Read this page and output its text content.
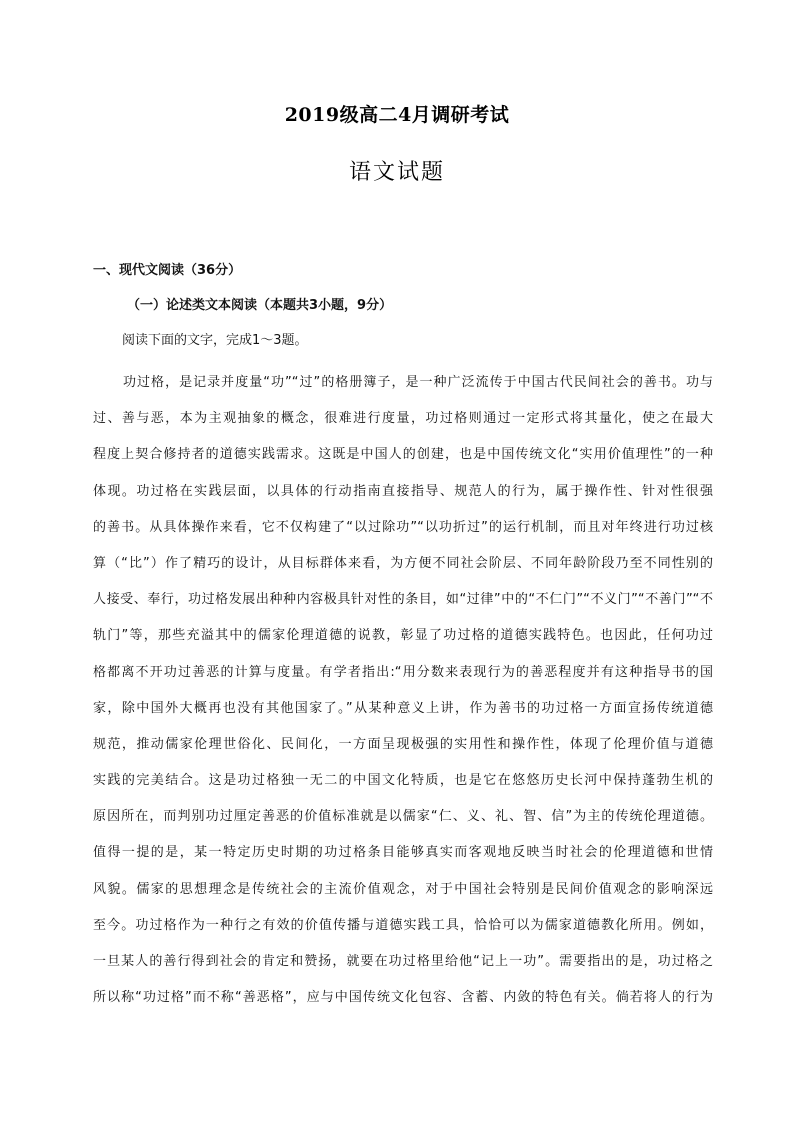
2019级高二4月调研考试
语文试题
一、现代文阅读（36分）
（一）论述类文本阅读（本题共3小题，9分）
阅读下面的文字，完成1～3题。
功过格，是记录并度量“功”“过”的格册簿子，是一种广泛流传于中国古代民间社会的善书。功与
过、善与恶，本为主观抽象的概念，很难进行度量，功过格则通过一定形式将其量化，使之在最大
程度上契合修持者的道德实践需求。这既是中国人的创建，也是中国传统文化“实用价值理性”的一种
体现。功过格在实践层面，以具体的行动指南直接指导、规范人的行为，属于操作性、针对性很强
的善书。从具体操作来看，它不仅构建了“以过除功”“以功折过”的运行机制，而且对年终进行功过核
算（“比”）作了精巧的设计，从目标群体来看，为方便不同社会阶层、不同年龄阶段乃至不同性别的
人接受、奉行，功过格发展出种种内容极具针对性的条目，如“过律”中的“不仁门”“不义门”“不善门”“不
轨门”等，那些充溢其中的儒家伦理道德的说教，彰显了功过格的道德实践特色。也因此，任何功过
格都离不开功过善恶的计算与度量。有学者指出:“用分数来表现行为的善恶程度并有这种指导书的国
家，除中国外大概再也没有其他国家了。”从某种意义上讲，作为善书的功过格一方面宣扬传统道德
规范，推动儒家伦理世俗化、民间化，一方面呈现极强的实用性和操作性，体现了伦理价值与道德
实践的完美结合。这是功过格独一无二的中国文化特质，也是它在悠悠历史长河中保持蓬勃生机的
原因所在，而判别功过厘定善恶的价值标准就是以儒家“仁、义、礼、智、信”为主的传统伦理道德。
值得一提的是，某一特定历史时期的功过格条目能够真实而客观地反映当时社会的伦理道德和世情
风貌。儒家的思想理念是传统社会的主流价值观念，对于中国社会特别是民间价值观念的影响深远
至今。功过格作为一种行之有效的价值传播与道德实践工具，恰恰可以为儒家道德教化所用。例如，
一旦某人的善行得到社会的肯定和赞扬，就要在功过格里给他“记上一功”。需要指出的是，功过格之
所以称“功过格”而不称“善恶格”，应与中国传统文化包容、含蓄、内敛的特色有关。倘若将人的行为
